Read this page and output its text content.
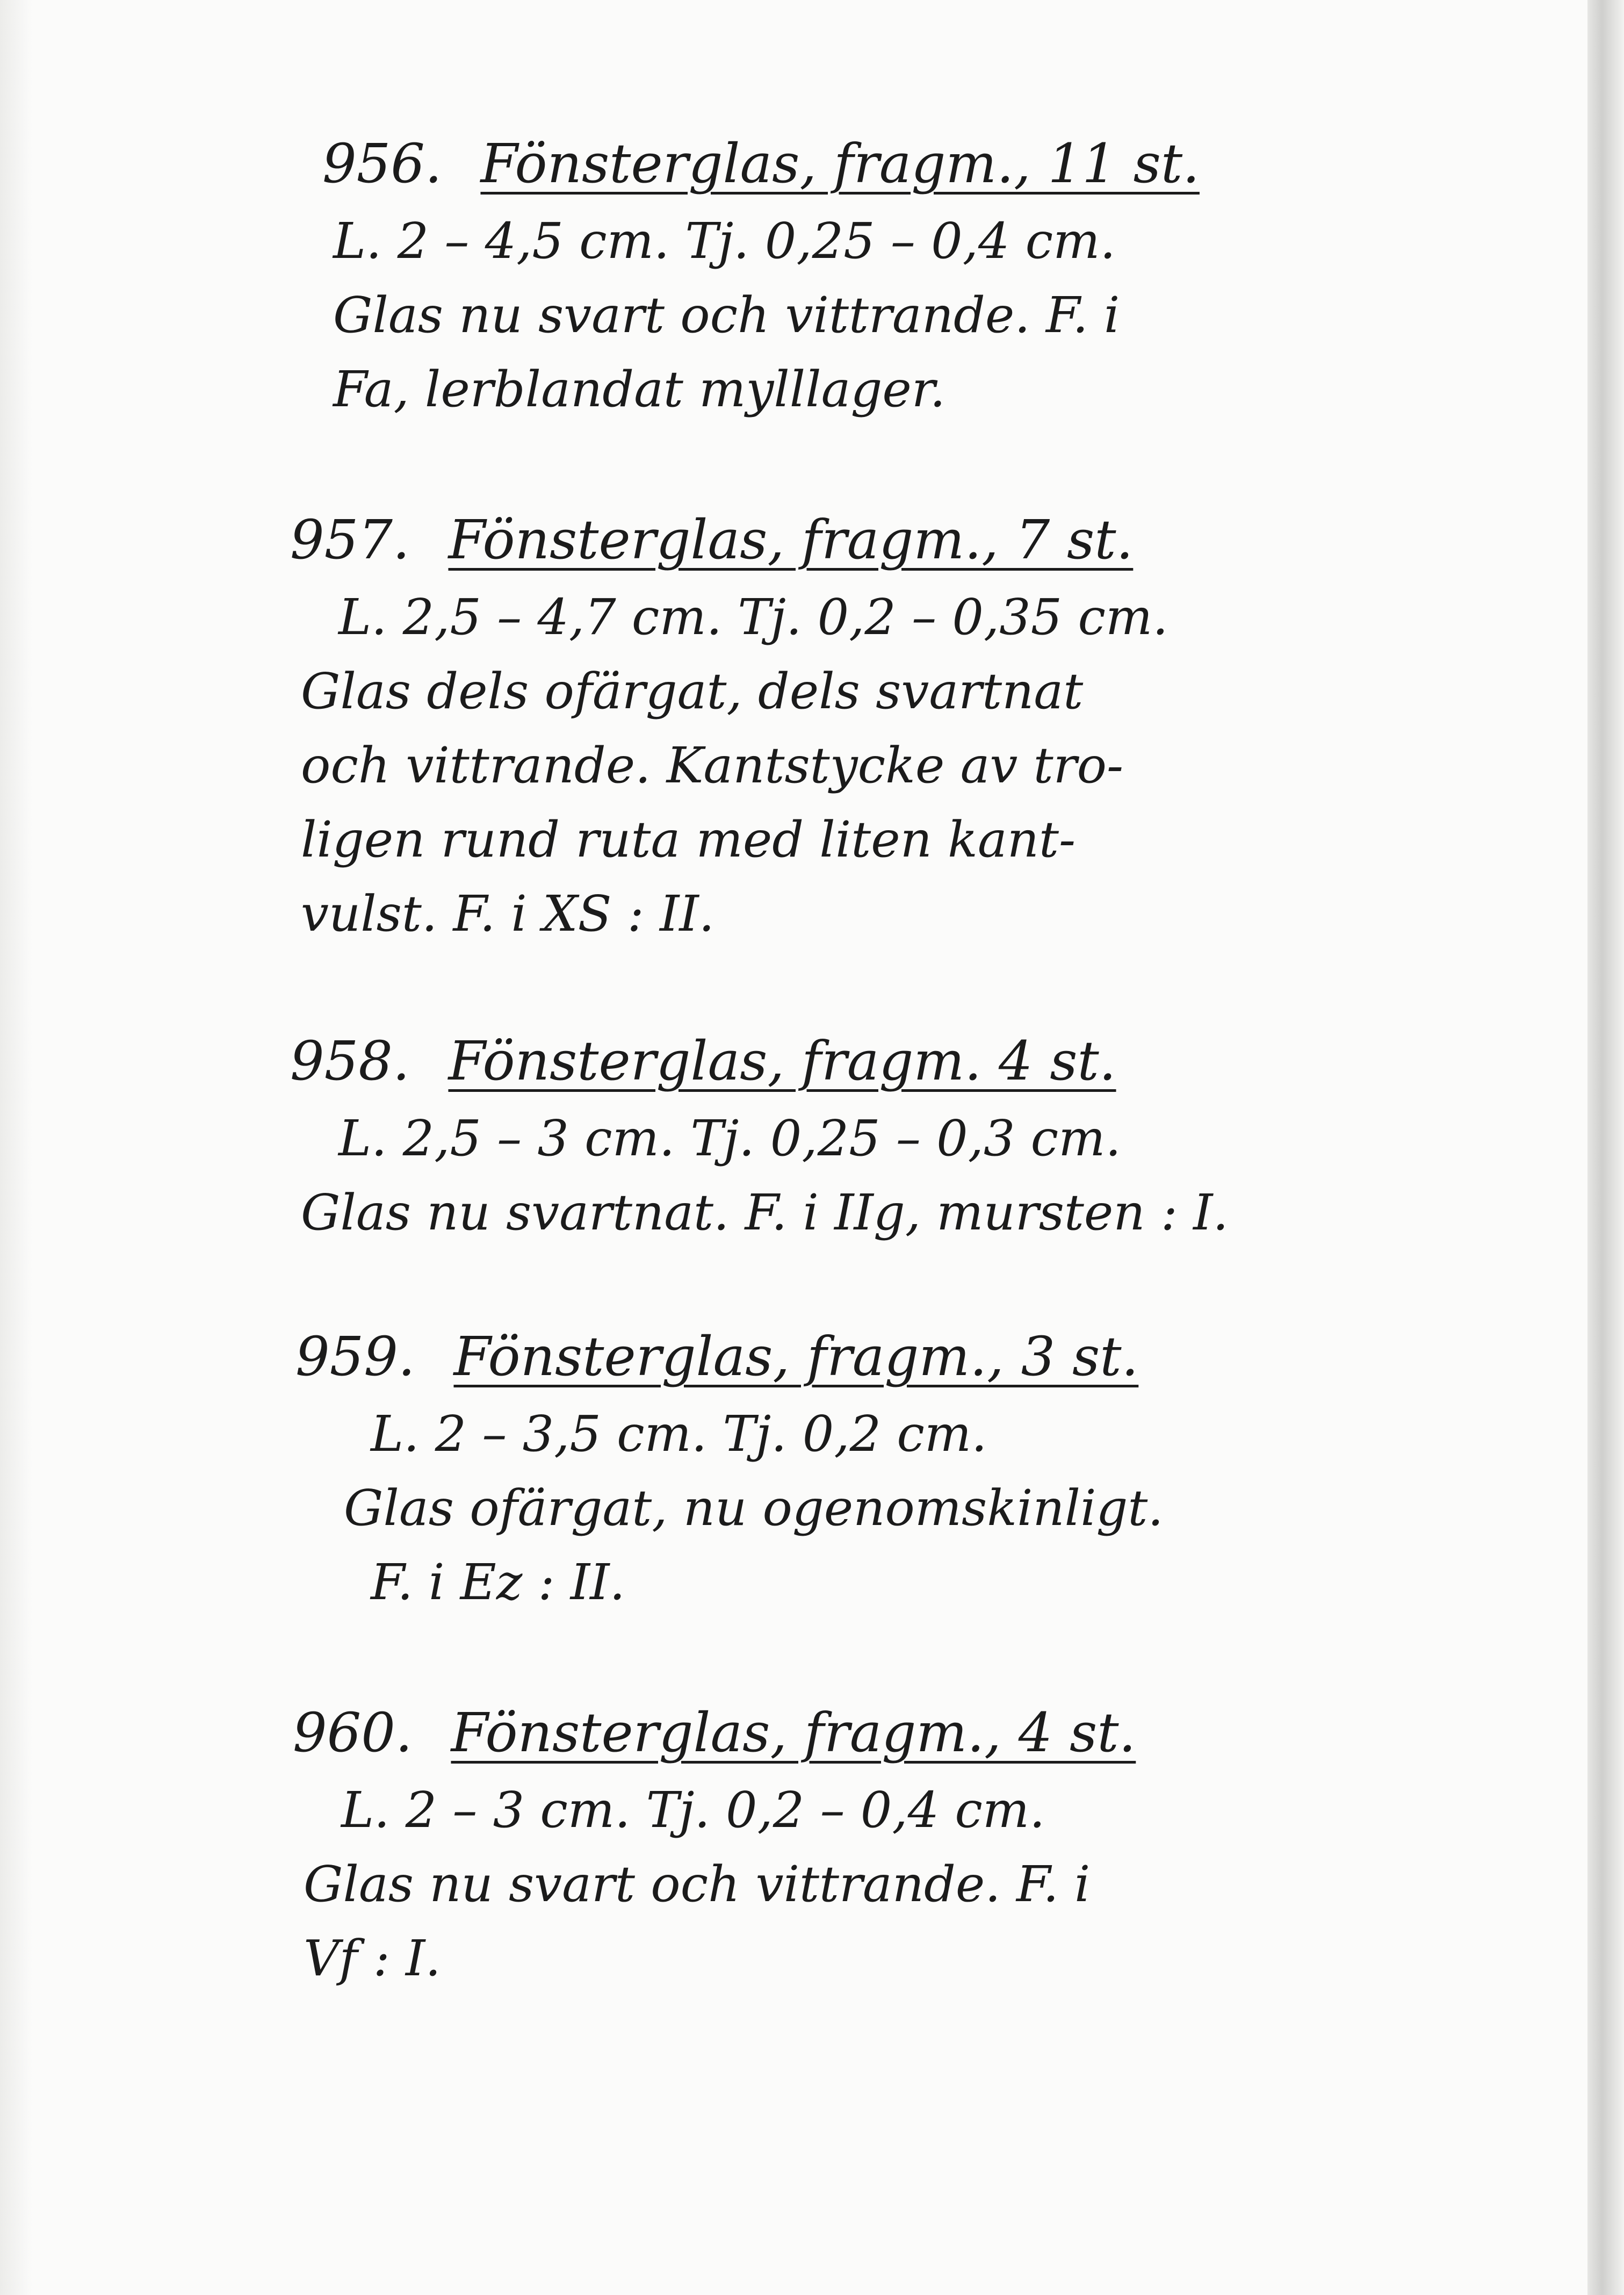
956. Fönsterglas, fragm., 11 st.
L. 2 – 4,5 cm. Tj. 0,25 – 0,4 cm.
Glas nu svart och vittrande. F. i
Fa, lerblandat mylllager.
957. Fönsterglas, fragm., 7 st.
L. 2,5 – 4,7 cm. Tj. 0,2 – 0,35 cm.
Glas dels ofärgat, dels svartnat
och vittrande. Kantstycke av tro-
ligen rund ruta med liten kant-
vulst. F. i XS : II.
958. Fönsterglas, fragm. 4 st.
L. 2,5 – 3 cm. Tj. 0,25 – 0,3 cm.
Glas nu svartnat. F. i IIg, mursten : I.
959. Fönsterglas, fragm., 3 st.
L. 2 – 3,5 cm. Tj. 0,2 cm.
Glas ofärgat, nu ogenomskinligt.
F. i Ez : II.
960. Fönsterglas, fragm., 4 st.
L. 2 – 3 cm. Tj. 0,2 – 0,4 cm.
Glas nu svart och vittrande. F. i
Vf : I.
